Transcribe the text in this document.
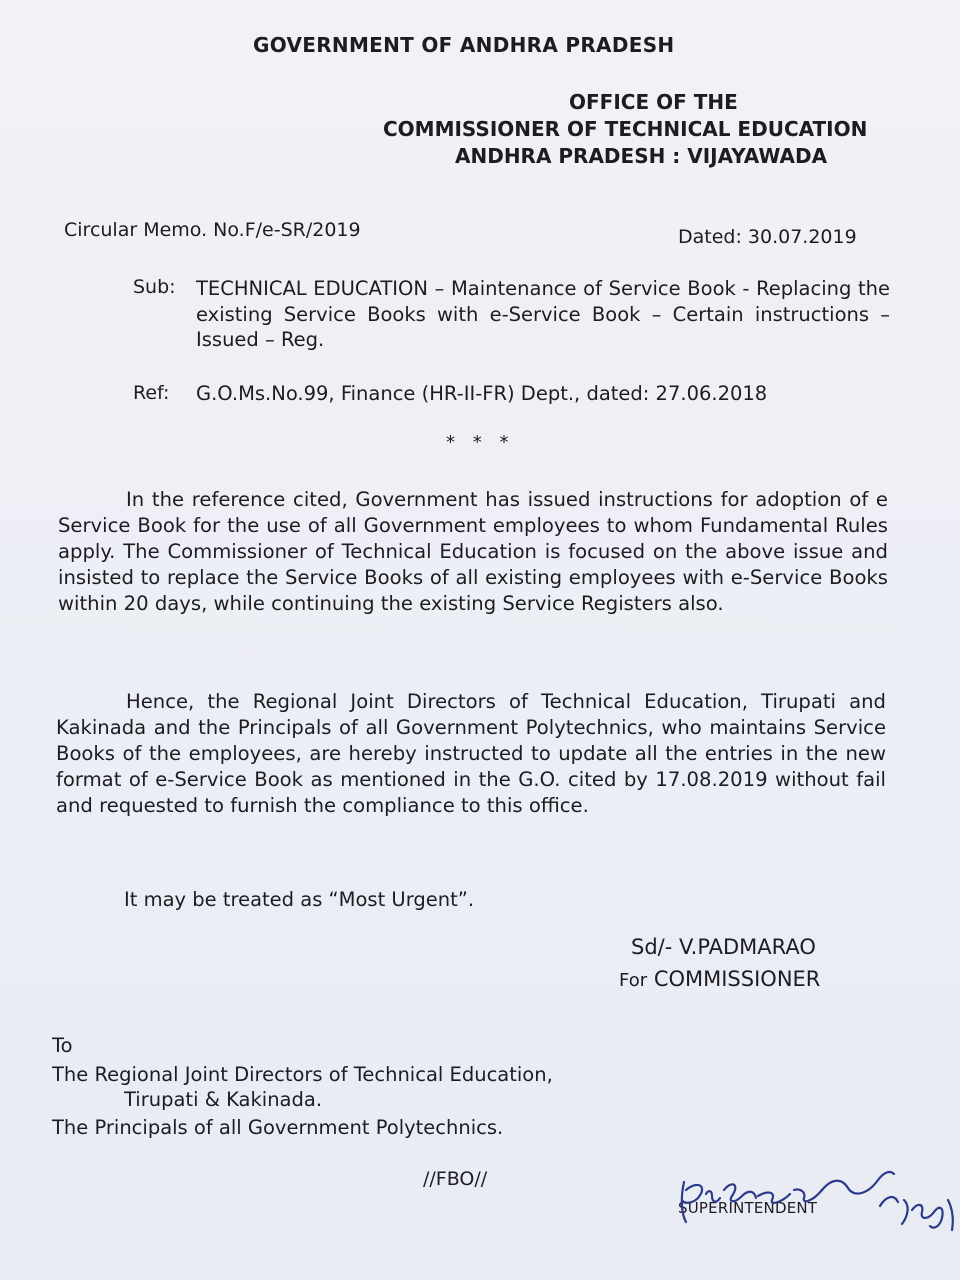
GOVERNMENT OF ANDHRA PRADESH
OFFICE OF THE
COMMISSIONER OF TECHNICAL EDUCATION
ANDHRA PRADESH : VIJAYAWADA
Circular Memo. No.F/e-SR/2019	Dated: 30.07.2019
Sub: TECHNICAL EDUCATION – Maintenance of Service Book - Replacing the existing Service Books with e-Service Book – Certain instructions – Issued – Reg.
Ref: G.O.Ms.No.99, Finance (HR-II-FR) Dept., dated: 27.06.2018
* * *
In the reference cited, Government has issued instructions for adoption of e Service Book for the use of all Government employees to whom Fundamental Rules apply. The Commissioner of Technical Education is focused on the above issue and insisted to replace the Service Books of all existing employees with e-Service Books within 20 days, while continuing the existing Service Registers also.
Hence, the Regional Joint Directors of Technical Education, Tirupati and Kakinada and the Principals of all Government Polytechnics, who maintains Service Books of the employees, are hereby instructed to update all the entries in the new format of e-Service Book as mentioned in the G.O. cited by 17.08.2019 without fail and requested to furnish the compliance to this office.
It may be treated as “Most Urgent”.
Sd/- V.PADMARAO
For COMMISSIONER
To
The Regional Joint Directors of Technical Education,
Tirupati & Kakinada.
The Principals of all Government Polytechnics.
//FBO//
SUPERINTENDENT
